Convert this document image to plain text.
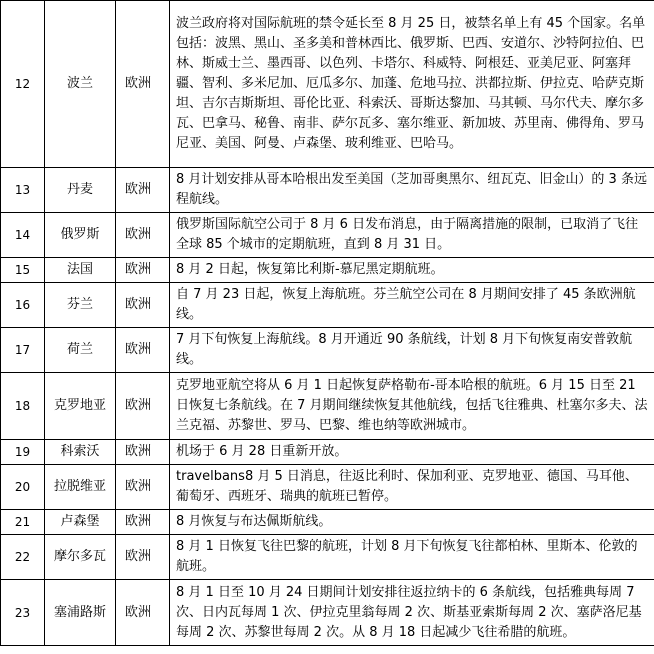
12	波兰	欧洲	波兰政府将对国际航班的禁令延长至 8 月 25 日，被禁名单上有 45 个国家。名单包括：波黑、黑山、圣多美和普林西比、俄罗斯、巴西、安道尔、沙特阿拉伯、巴林、斯威士兰、墨西哥、以色列、卡塔尔、科威特、阿根廷、亚美尼亚、阿塞拜疆、智利、多米尼加、厄瓜多尔、加蓬、危地马拉、洪都拉斯、伊拉克、哈萨克斯坦、吉尔吉斯斯坦、哥伦比亚、科索沃、哥斯达黎加、马其顿、马尔代夫、摩尔多瓦、巴拿马、秘鲁、南非、萨尔瓦多、塞尔维亚、新加坡、苏里南、佛得角、罗马尼亚、美国、阿曼、卢森堡、玻利维亚、巴哈马。
13	丹麦	欧洲	8 月计划安排从哥本哈根出发至美国（芝加哥奥黑尔、纽瓦克、旧金山）的 3 条远程航线。
14	俄罗斯	欧洲	俄罗斯国际航空公司于 8 月 6 日发布消息，由于隔离措施的限制，已取消了飞往全球 85 个城市的定期航班，直到 8 月 31 日。
15	法国	欧洲	8 月 2 日起，恢复第比利斯-慕尼黑定期航班。
16	芬兰	欧洲	自 7 月 23 日起，恢复上海航班。芬兰航空公司在 8 月期间安排了 45 条欧洲航线。
17	荷兰	欧洲	7 月下旬恢复上海航线。8 月开通近 90 条航线，计划 8 月下旬恢复南安普敦航线。
18	克罗地亚	欧洲	克罗地亚航空将从 6 月 1 日起恢复萨格勒布-哥本哈根的航班。6 月 15 日至 21 日恢复七条航线。在 7 月期间继续恢复其他航线，包括飞往雅典、杜塞尔多夫、法兰克福、苏黎世、罗马、巴黎、维也纳等欧洲城市。
19	科索沃	欧洲	机场于 6 月 28 日重新开放。
20	拉脱维亚	欧洲	travelbans8 月 5 日消息，往返比利时、保加利亚、克罗地亚、德国、马耳他、葡萄牙、西班牙、瑞典的航班已暂停。
21	卢森堡	欧洲	8 月恢复与布达佩斯航线。
22	摩尔多瓦	欧洲	8 月 1 日恢复飞往巴黎的航班，计划 8 月下旬恢复飞往都柏林、里斯本、伦敦的航班。
23	塞浦路斯	欧洲	8 月 1 日至 10 月 24 日期间计划安排往返拉纳卡的 6 条航线，包括雅典每周 7 次、日内瓦每周 1 次、伊拉克里翁每周 2 次、斯基亚索斯每周 2 次、塞萨洛尼基每周 2 次、苏黎世每周 2 次。从 8 月 18 日起减少飞往希腊的航班。
